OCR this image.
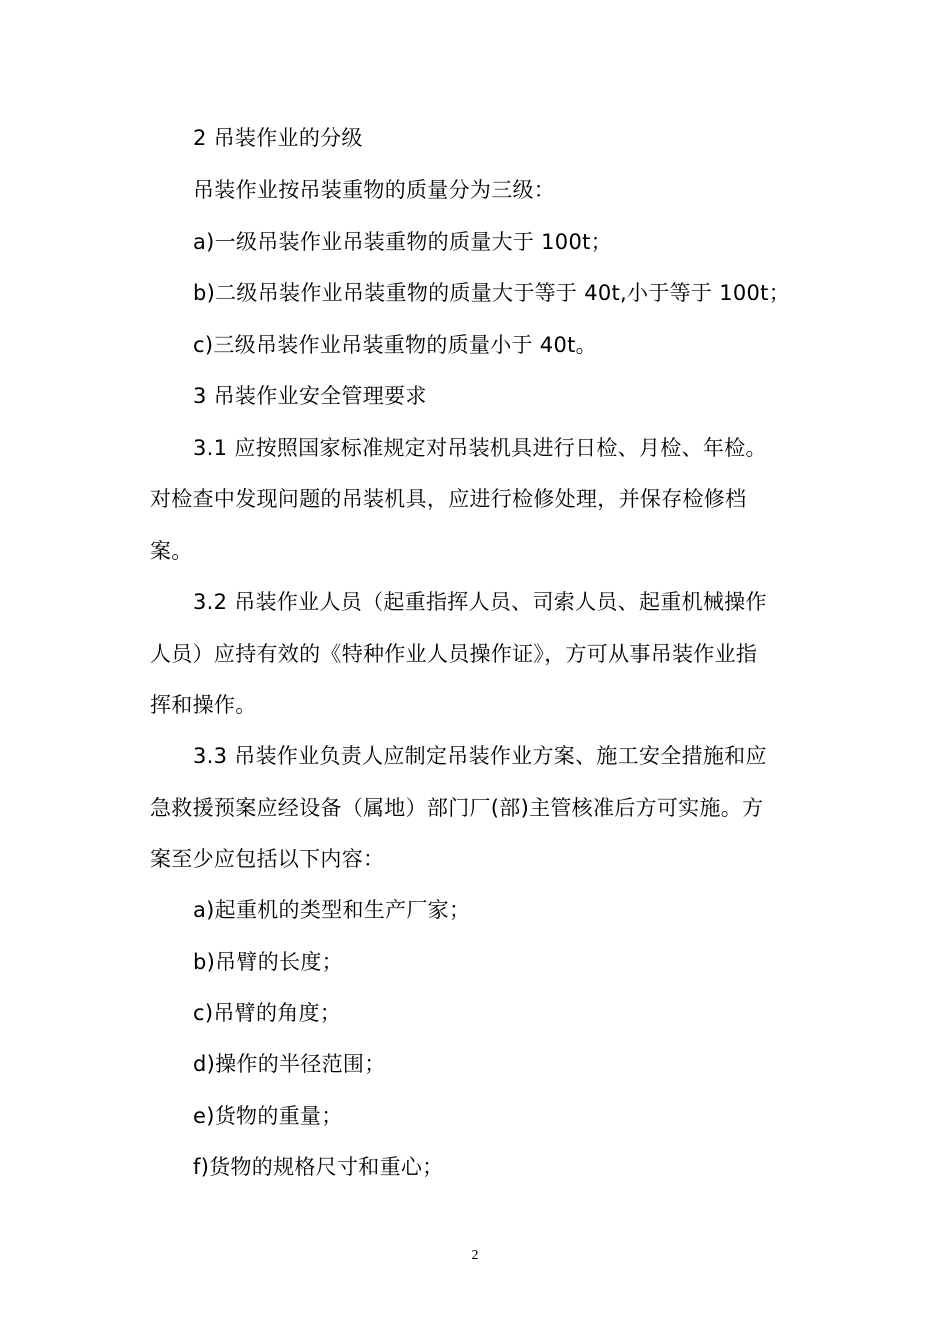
2 吊装作业的分级
吊装作业按吊装重物的质量分为三级：
a)一级吊装作业吊装重物的质量大于 100t；
b)二级吊装作业吊装重物的质量大于等于 40t,小于等于 100t；
c)三级吊装作业吊装重物的质量小于 40t。
3 吊装作业安全管理要求
3.1 应按照国家标准规定对吊装机具进行日检、月检、年检。
对检查中发现问题的吊装机具，应进行检修处理，并保存检修档
案。
3.2 吊装作业人员（起重指挥人员、司索人员、起重机械操作
人员）应持有效的《特种作业人员操作证》，方可从事吊装作业指
挥和操作。
3.3 吊装作业负责人应制定吊装作业方案、施工安全措施和应
急救援预案应经设备（属地）部门厂(部)主管核准后方可实施。方
案至少应包括以下内容：
a)起重机的类型和生产厂家；
b)吊臂的长度；
c)吊臂的角度；
d)操作的半径范围；
e)货物的重量；
f)货物的规格尺寸和重心；
2
